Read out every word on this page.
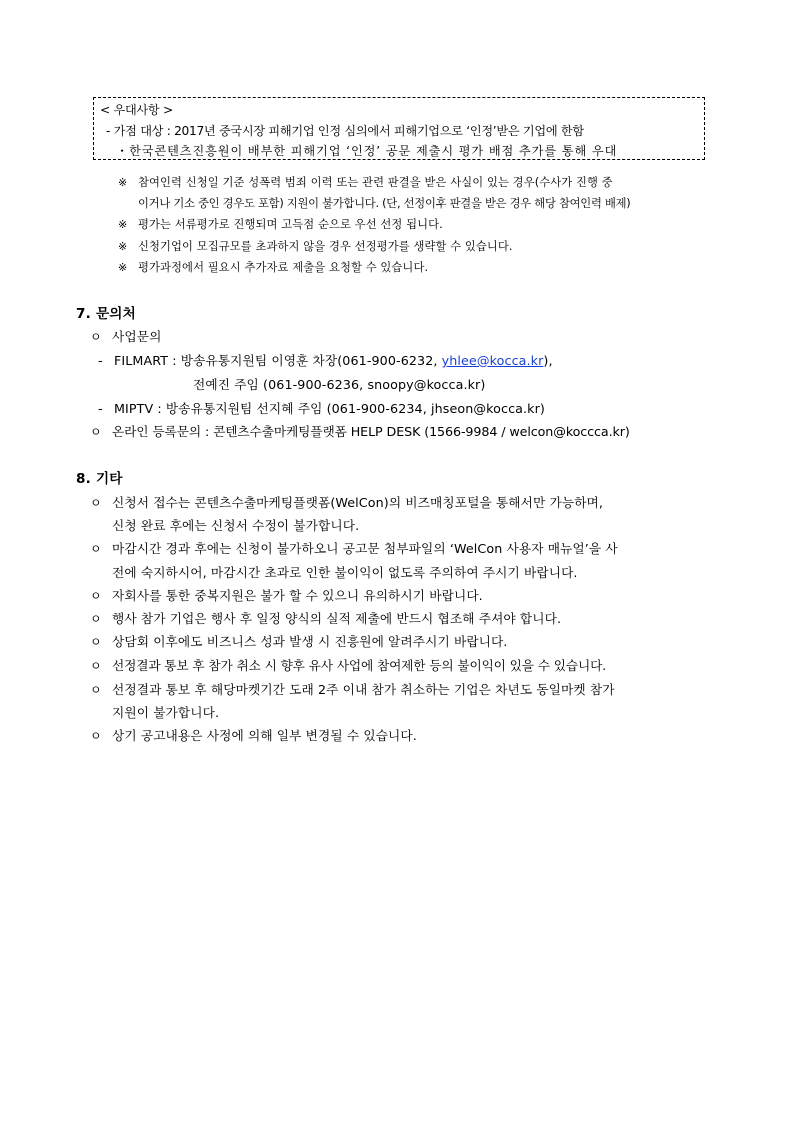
< 우대사항 >
- 가점 대상 : 2017년 중국시장 피해기업 인정 심의에서 피해기업으로 ‘인정’받은 기업에 한함
・한국콘텐츠진흥원이 배부한 피해기업 ‘인정’ 공문 제출시 평가 배점 추가를 통해 우대
※ 참여인력 신청일 기준 성폭력 범죄 이력 또는 관련 판결을 받은 사실이 있는 경우(수사가 진행 중
이거나 기소 중인 경우도 포함) 지원이 불가합니다. (단, 선정이후 판결을 받은 경우 해당 참여인력 배제)
※ 평가는 서류평가로 진행되며 고득점 순으로 우선 선정 됩니다.
※ 신청기업이 모집규모를 초과하지 않을 경우 선정평가를 생략할 수 있습니다.
※ 평가과정에서 필요시 추가자료 제출을 요청할 수 있습니다.
7. 문의처
ㅇ 사업문의
- FILMART : 방송유통지원팀 이영훈 차장(061-900-6232, yhlee@kocca.kr),
전예진 주임 (061-900-6236, snoopy@kocca.kr)
- MIPTV : 방송유통지원팀 선지혜 주임 (061-900-6234, jhseon@kocca.kr)
ㅇ 온라인 등록문의 : 콘텐츠수출마케팅플랫폼 HELP DESK (1566-9984 / welcon@koccca.kr)
8. 기타
ㅇ 신청서 접수는 콘텐츠수출마케팅플랫폼(WelCon)의 비즈매칭포털을 통해서만 가능하며,
신청 완료 후에는 신청서 수정이 불가합니다.
ㅇ 마감시간 경과 후에는 신청이 불가하오니 공고문 첨부파일의 ‘WelCon 사용자 매뉴얼’을 사
전에 숙지하시어, 마감시간 초과로 인한 불이익이 없도록 주의하여 주시기 바랍니다.
ㅇ 자회사를 통한 중복지원은 불가 할 수 있으니 유의하시기 바랍니다.
ㅇ 행사 참가 기업은 행사 후 일정 양식의 실적 제출에 반드시 협조해 주셔야 합니다.
ㅇ 상담회 이후에도 비즈니스 성과 발생 시 진흥원에 알려주시기 바랍니다.
ㅇ 선정결과 통보 후 참가 취소 시 향후 유사 사업에 참여제한 등의 불이익이 있을 수 있습니다.
ㅇ 선정결과 통보 후 해당마켓기간 도래 2주 이내 참가 취소하는 기업은 차년도 동일마켓 참가
지원이 불가합니다.
ㅇ 상기 공고내용은 사정에 의해 일부 변경될 수 있습니다.
